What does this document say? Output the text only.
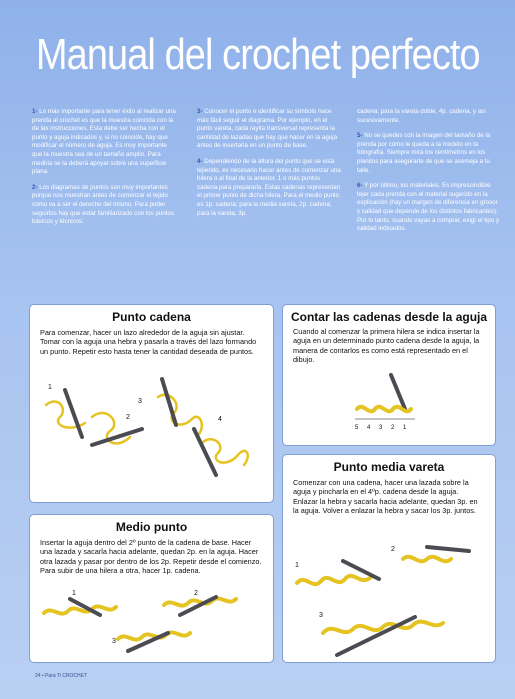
Manual del crochet perfecto

1- Lo más importante para tener éxito al realizar una prenda al crochet es que la muestra coincida con la de las instrucciones. Esta debe ser hecha con el punto y aguja indicados y, si no coincide, hay que modificar el número de aguja. Es muy importante que la muestra sea de un tamaño amplio. Para medirla se la deberá apoyar sobre una superficie plana.

2- Los diagramas de puntos son muy importantes porque nos muestran antes de comenzar el tejido cómo va a ser el derecho del mismo. Para poder seguirlos hay que estar familiarizado con los puntos básicos y técnicos.

3- Conocer el punto e identificar su símbolo hace más fácil seguir el diagrama. Por ejemplo, en el punto vareta, cada rayita transversal representa la cantidad de lazadas que hay que hacer en la aguja antes de insertarla en un punto de base.

4- Dependiendo de la altura del punto que se está tejiendo, es necesario hacer antes de comenzar una hilera o al final de la anterior, 1 o más puntos cadena para prepararla. Estas cadenas representan el primer punto de dicha hilera. Para el medio punto es 1p. cadena; para la media vareta, 2p. cadena; para la vareta, 3p.

cadena; para la vareta doble, 4p. cadena, y así sucesivamente.

5- No se quedes con la imagen del tamaño de la prenda por cómo le queda a la modelo en la fotografía. Siempre mirá los centímetros en los planitos para asegurarte de que se asemeja a tu talle.

6- Y por último, los materiales. Es imprescindible tejer cada prenda con el material sugerido en la explicación (hay un margen de diferencia en grosor y calidad que depende de los distintos fabricantes). Por lo tanto, cuando vayas a comprar, exigí el tipo y calidad indicados.

Punto cadena
Para comenzar, hacer un lazo alrededor de la aguja sin ajustar. Tomar con la aguja una hebra y pasarla a través del lazo formando un punto. Repetir esto hasta tener la cantidad deseada de puntos.
1
2
3
4
Contar las cadenas desde la aguja
Cuando al comenzar la primera hilera se indica insertar la aguja en un determinado punto cadena desde la aguja, la manera de contarlos es como está representado en el dibujo.
5 4 3 2 1
Punto media vareta
Comenzar con una cadena, hacer una lazada sobre la aguja y pincharla en el 4ºp. cadena desde la aguja. Enlazar la hebra y sacarla hacia adelante, quedan 3p. en la aguja. Volver a enlazar la hebra y sacar los 3p. juntos.
1
2
3
Medio punto
Insertar la aguja dentro del 2º punto de la cadena de base. Hacer una lazada y sacarla hacia adelante, quedan 2p. en la aguja. Hacer otra lazada y pasar por dentro de los 2p. Repetir desde el comienzo. Para subir de una hilera a otra, hacer 1p. cadena.
1	2
3
24 • Para Ti CROCHET
